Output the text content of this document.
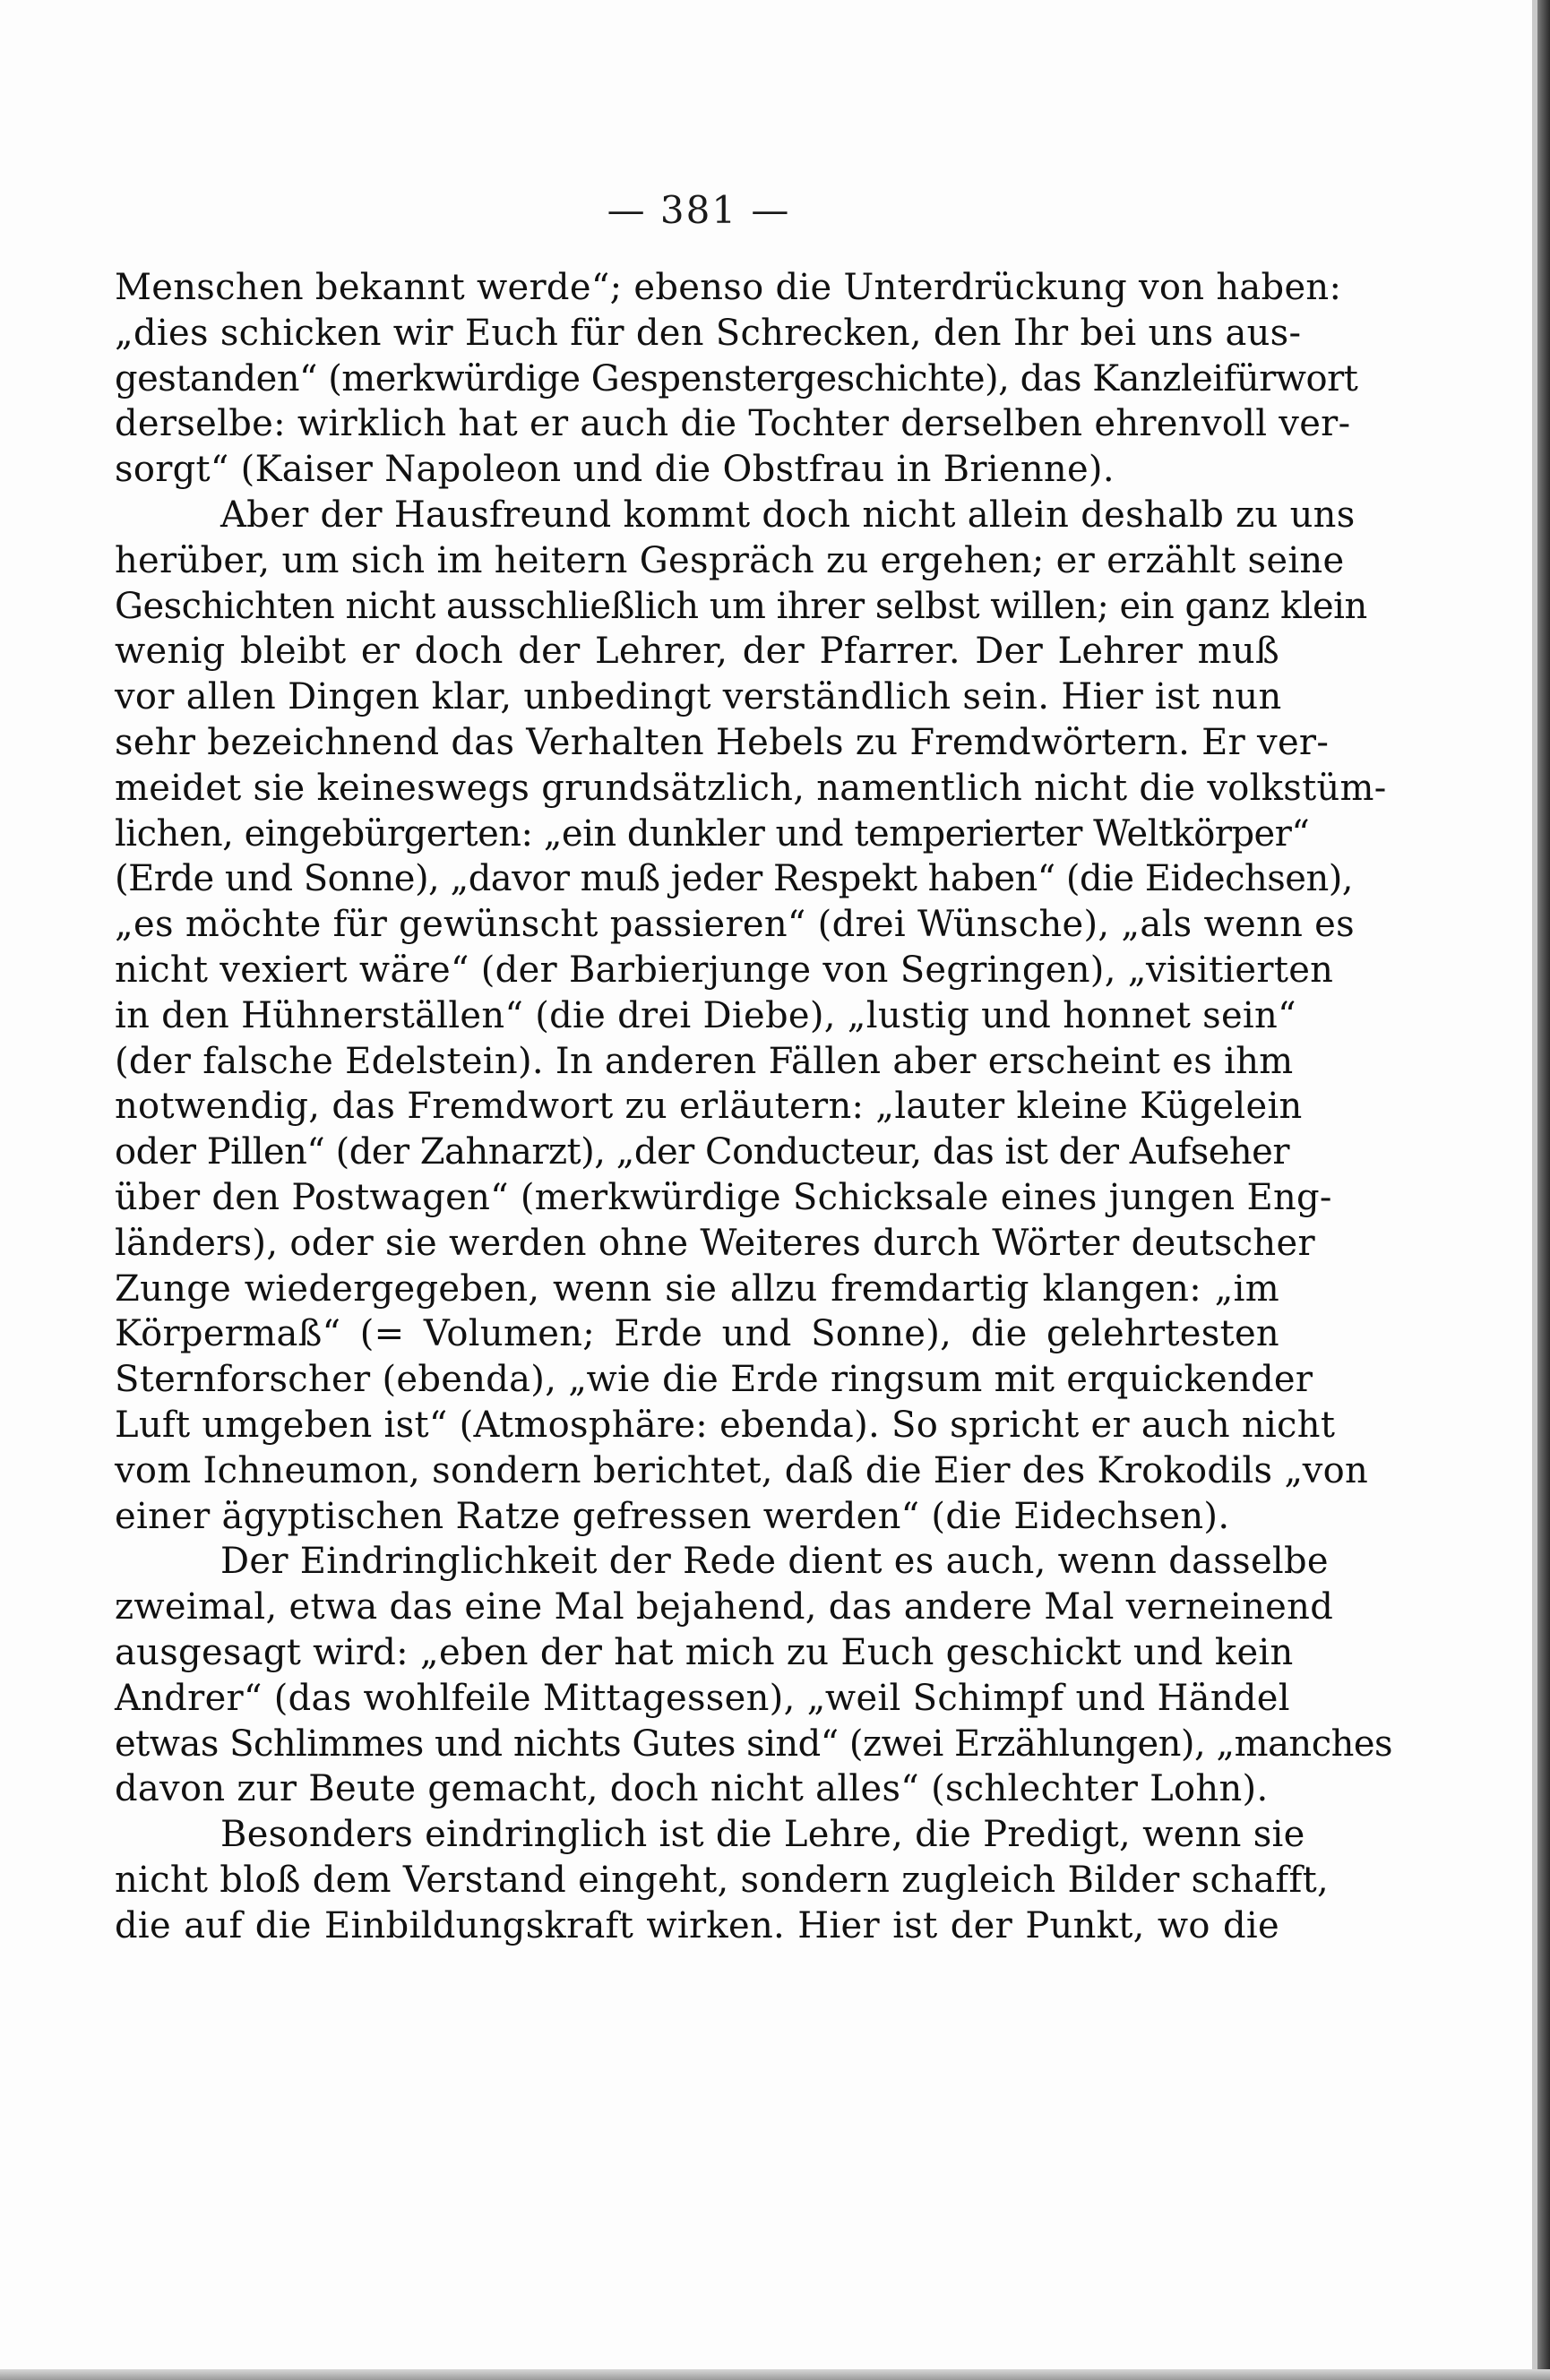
— 381 —
Menschen bekannt werde“; ebenso die Unterdrückung von haben:
„dies schicken wir Euch für den Schrecken, den Ihr bei uns aus-
gestanden“ (merkwürdige Gespenstergeschichte), das Kanzleifürwort
derselbe: wirklich hat er auch die Tochter derselben ehrenvoll ver-
sorgt“ (Kaiser Napoleon und die Obstfrau in Brienne).
Aber der Hausfreund kommt doch nicht allein deshalb zu uns
herüber, um sich im heitern Gespräch zu ergehen; er erzählt seine
Geschichten nicht ausschließlich um ihrer selbst willen; ein ganz klein
wenig bleibt er doch der Lehrer, der Pfarrer. Der Lehrer muß
vor allen Dingen klar, unbedingt verständlich sein. Hier ist nun
sehr bezeichnend das Verhalten Hebels zu Fremdwörtern. Er ver-
meidet sie keineswegs grundsätzlich, namentlich nicht die volkstüm-
lichen, eingebürgerten: „ein dunkler und temperierter Weltkörper“
(Erde und Sonne), „davor muß jeder Respekt haben“ (die Eidechsen),
„es möchte für gewünscht passieren“ (drei Wünsche), „als wenn es
nicht vexiert wäre“ (der Barbierjunge von Segringen), „visitierten
in den Hühnerställen“ (die drei Diebe), „lustig und honnet sein“
(der falsche Edelstein). In anderen Fällen aber erscheint es ihm
notwendig, das Fremdwort zu erläutern: „lauter kleine Kügelein
oder Pillen“ (der Zahnarzt), „der Conducteur, das ist der Aufseher
über den Postwagen“ (merkwürdige Schicksale eines jungen Eng-
länders), oder sie werden ohne Weiteres durch Wörter deutscher
Zunge wiedergegeben, wenn sie allzu fremdartig klangen: „im
Körpermaß“ (= Volumen; Erde und Sonne), die gelehrtesten
Sternforscher (ebenda), „wie die Erde ringsum mit erquickender
Luft umgeben ist“ (Atmosphäre: ebenda). So spricht er auch nicht
vom Ichneumon, sondern berichtet, daß die Eier des Krokodils „von
einer ägyptischen Ratze gefressen werden“ (die Eidechsen).
Der Eindringlichkeit der Rede dient es auch, wenn dasselbe
zweimal, etwa das eine Mal bejahend, das andere Mal verneinend
ausgesagt wird: „eben der hat mich zu Euch geschickt und kein
Andrer“ (das wohlfeile Mittagessen), „weil Schimpf und Händel
etwas Schlimmes und nichts Gutes sind“ (zwei Erzählungen), „manches
davon zur Beute gemacht, doch nicht alles“ (schlechter Lohn).
Besonders eindringlich ist die Lehre, die Predigt, wenn sie
nicht bloß dem Verstand eingeht, sondern zugleich Bilder schafft,
die auf die Einbildungskraft wirken. Hier ist der Punkt, wo die
